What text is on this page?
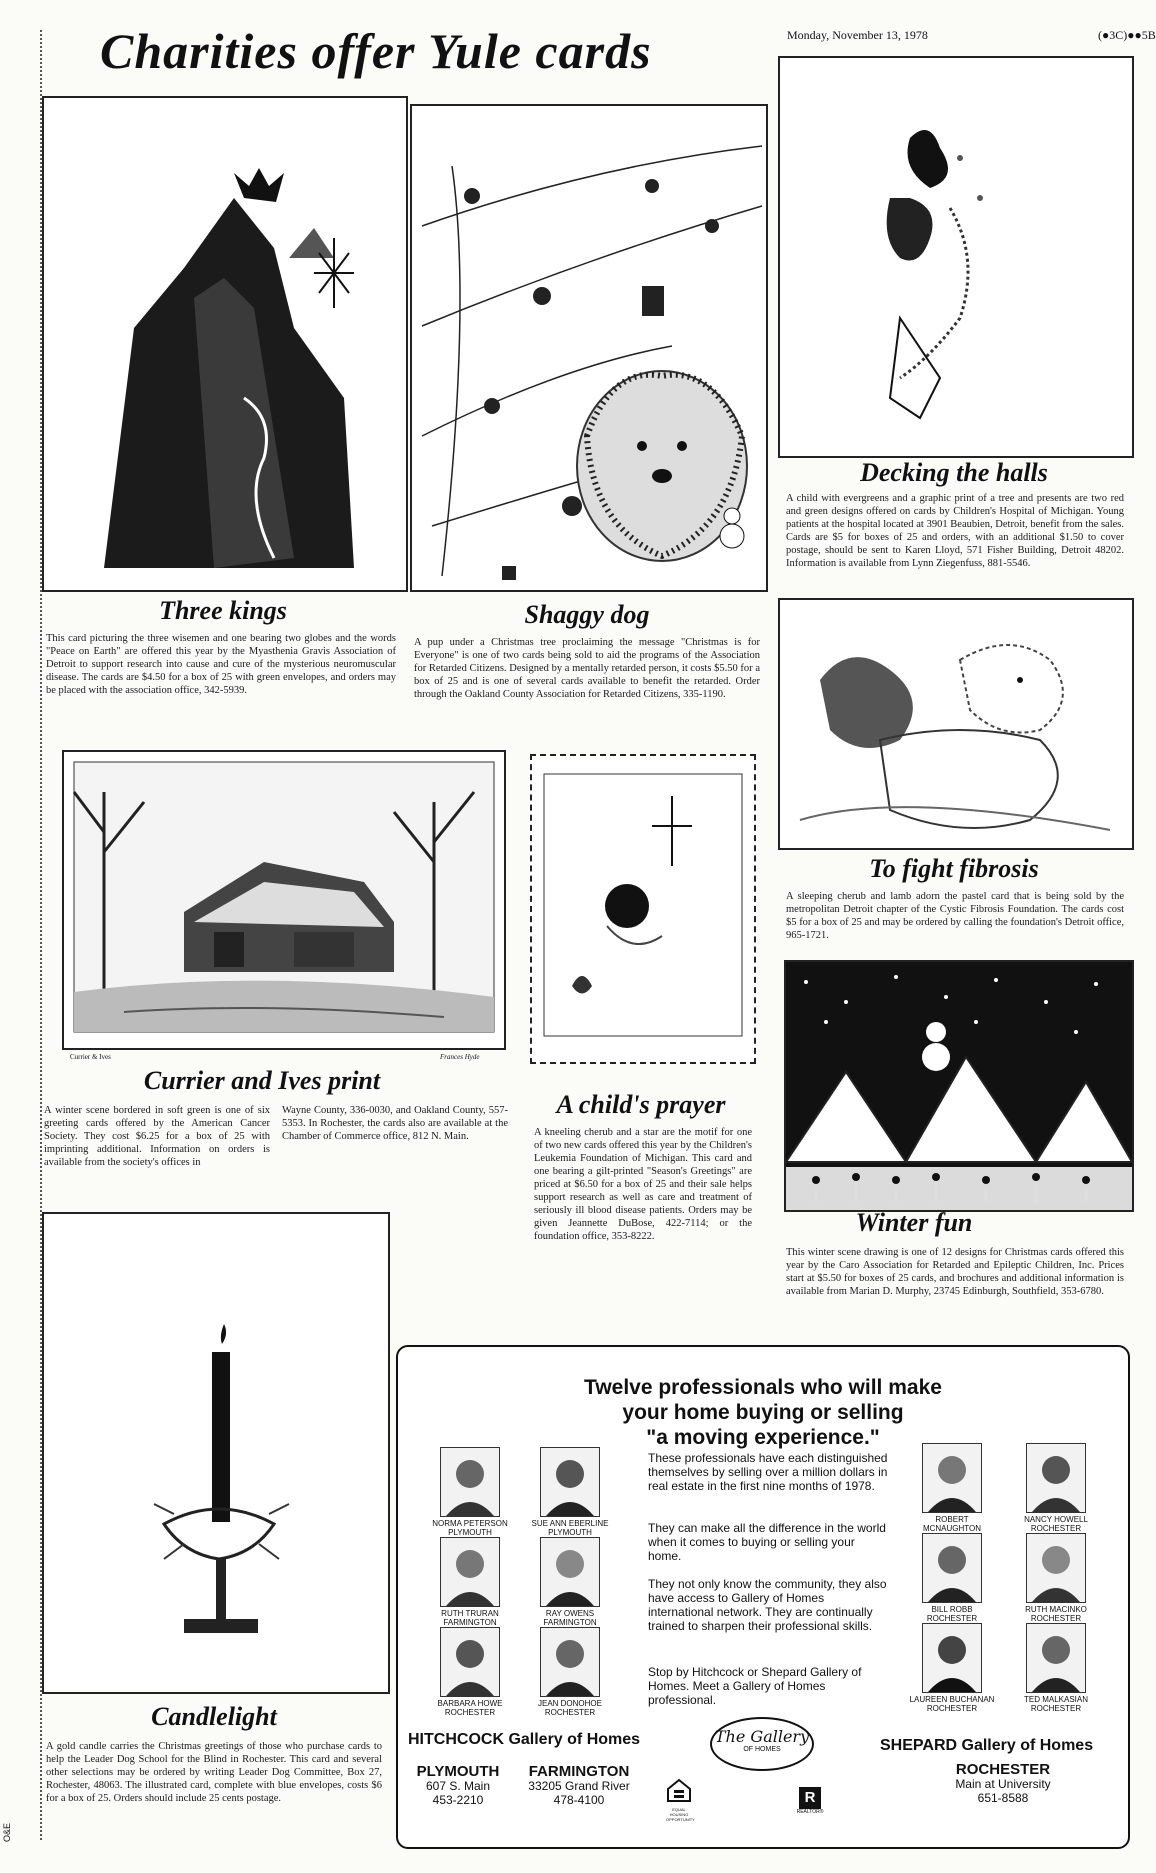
Monday, November 13, 1978	(●3C)●●5B
Charities offer Yule cards
Three kings
This card picturing the three wisemen and one bearing two globes and the words "Peace on Earth" are offered this year by the Myasthenia Gravis Association of Detroit to support research into cause and cure of the mysterious neuromuscular disease. The cards are $4.50 for a box of 25 with green envelopes, and orders may be placed with the association office, 342-5939.
Shaggy dog
A pup under a Christmas tree proclaiming the message "Christmas is for Everyone" is one of two cards being sold to aid the programs of the Association for Retarded Citizens. Designed by a mentally retarded person, it costs $5.50 for a box of 25 and is one of several cards available to benefit the retarded. Order through the Oakland County Association for Retarded Citizens, 335-1190.
Decking the halls
A child with evergreens and a graphic print of a tree and presents are two red and green designs offered on cards by Children's Hospital of Michigan. Young patients at the hospital located at 3901 Beaubien, Detroit, benefit from the sales. Cards are $5 for boxes of 25 and orders, with an additional $1.50 to cover postage, should be sent to Karen Lloyd, 571 Fisher Building, Detroit 48202. Information is available from Lynn Ziegenfuss, 881-5546.
To fight fibrosis
A sleeping cherub and lamb adorn the pastel card that is being sold by the metropolitan Detroit chapter of the Cystic Fibrosis Foundation. The cards cost $5 for a box of 25 and may be ordered by calling the foundation's Detroit office, 965-1721.
Currier & Ives	Frances Hyde
Currier and Ives print
A winter scene bordered in soft green is one of six greeting cards offered by the American Cancer Society. They cost $6.25 for a box of 25 with imprinting additional. Information on orders is available from the society's offices in
Wayne County, 336-0030, and Oakland County, 557-5353. In Rochester, the cards also are available at the Chamber of Commerce office, 812 N. Main.
A child's prayer
A kneeling cherub and a star are the motif for one of two new cards offered this year by the Children's Leukemia Foundation of Michigan. This card and one bearing a gilt-printed "Season's Greetings" are priced at $6.50 for a box of 25 and their sale helps support research as well as care and treatment of seriously ill blood disease patients. Orders may be given Jeannette DuBose, 422-7114; or the foundation office, 353-8222.	Winter fun
This winter scene drawing is one of 12 designs for Christmas cards offered this year by the Caro Association for Retarded and Epileptic Children, Inc. Prices start at $5.50 for boxes of 25 cards, and brochures and additional information is available from Marian D. Murphy, 23745 Edinburgh, Southfield, 353-6780.
Candlelight
A gold candle carries the Christmas greetings of those who purchase cards to help the Leader Dog School for the Blind in Rochester. This card and several other selections may be ordered by writing Leader Dog Committee, Box 27, Rochester, 48063. The illustrated card, complete with blue envelopes, costs $6 for a box of 25. Orders should include 25 cents postage.
Twelve professionals who will make
your home buying or selling
"a moving experience."
NORMA PETERSON
PLYMOUTH
SUE ANN EBERLINE
PLYMOUTH
RUTH TRURAN
FARMINGTON
RAY OWENS
FARMINGTON
BARBARA HOWE
ROCHESTER
JEAN DONOHOE
ROCHESTER
These professionals have each distinguished themselves by selling over a million dollars in real estate in the first nine months of 1978.
They can make all the difference in the world when it comes to buying or selling your home.
They not only know the community, they also have access to Gallery of Homes international network. They are continually trained to sharpen their professional skills.
Stop by Hitchcock or Shepard Gallery of Homes. Meet a Gallery of Homes professional.
ROBERT MCNAUGHTON
NANCY HOWELL
ROCHESTER
BILL ROBB
ROCHESTER
RUTH MACINKO
ROCHESTER
LAUREEN BUCHANAN
ROCHESTER
TED MALKASIAN
ROCHESTER
HITCHCOCK Gallery of Homes	SHEPARD Gallery of Homes
The Gallery
OF HOMES
PLYMOUTH
607 S. Main
453-2210
FARMINGTON
33205 Grand River
478-4100
EQUAL HOUSING OPPORTUNITY
R
REALTOR®
ROCHESTER
Main at University
651-8588
O&E
